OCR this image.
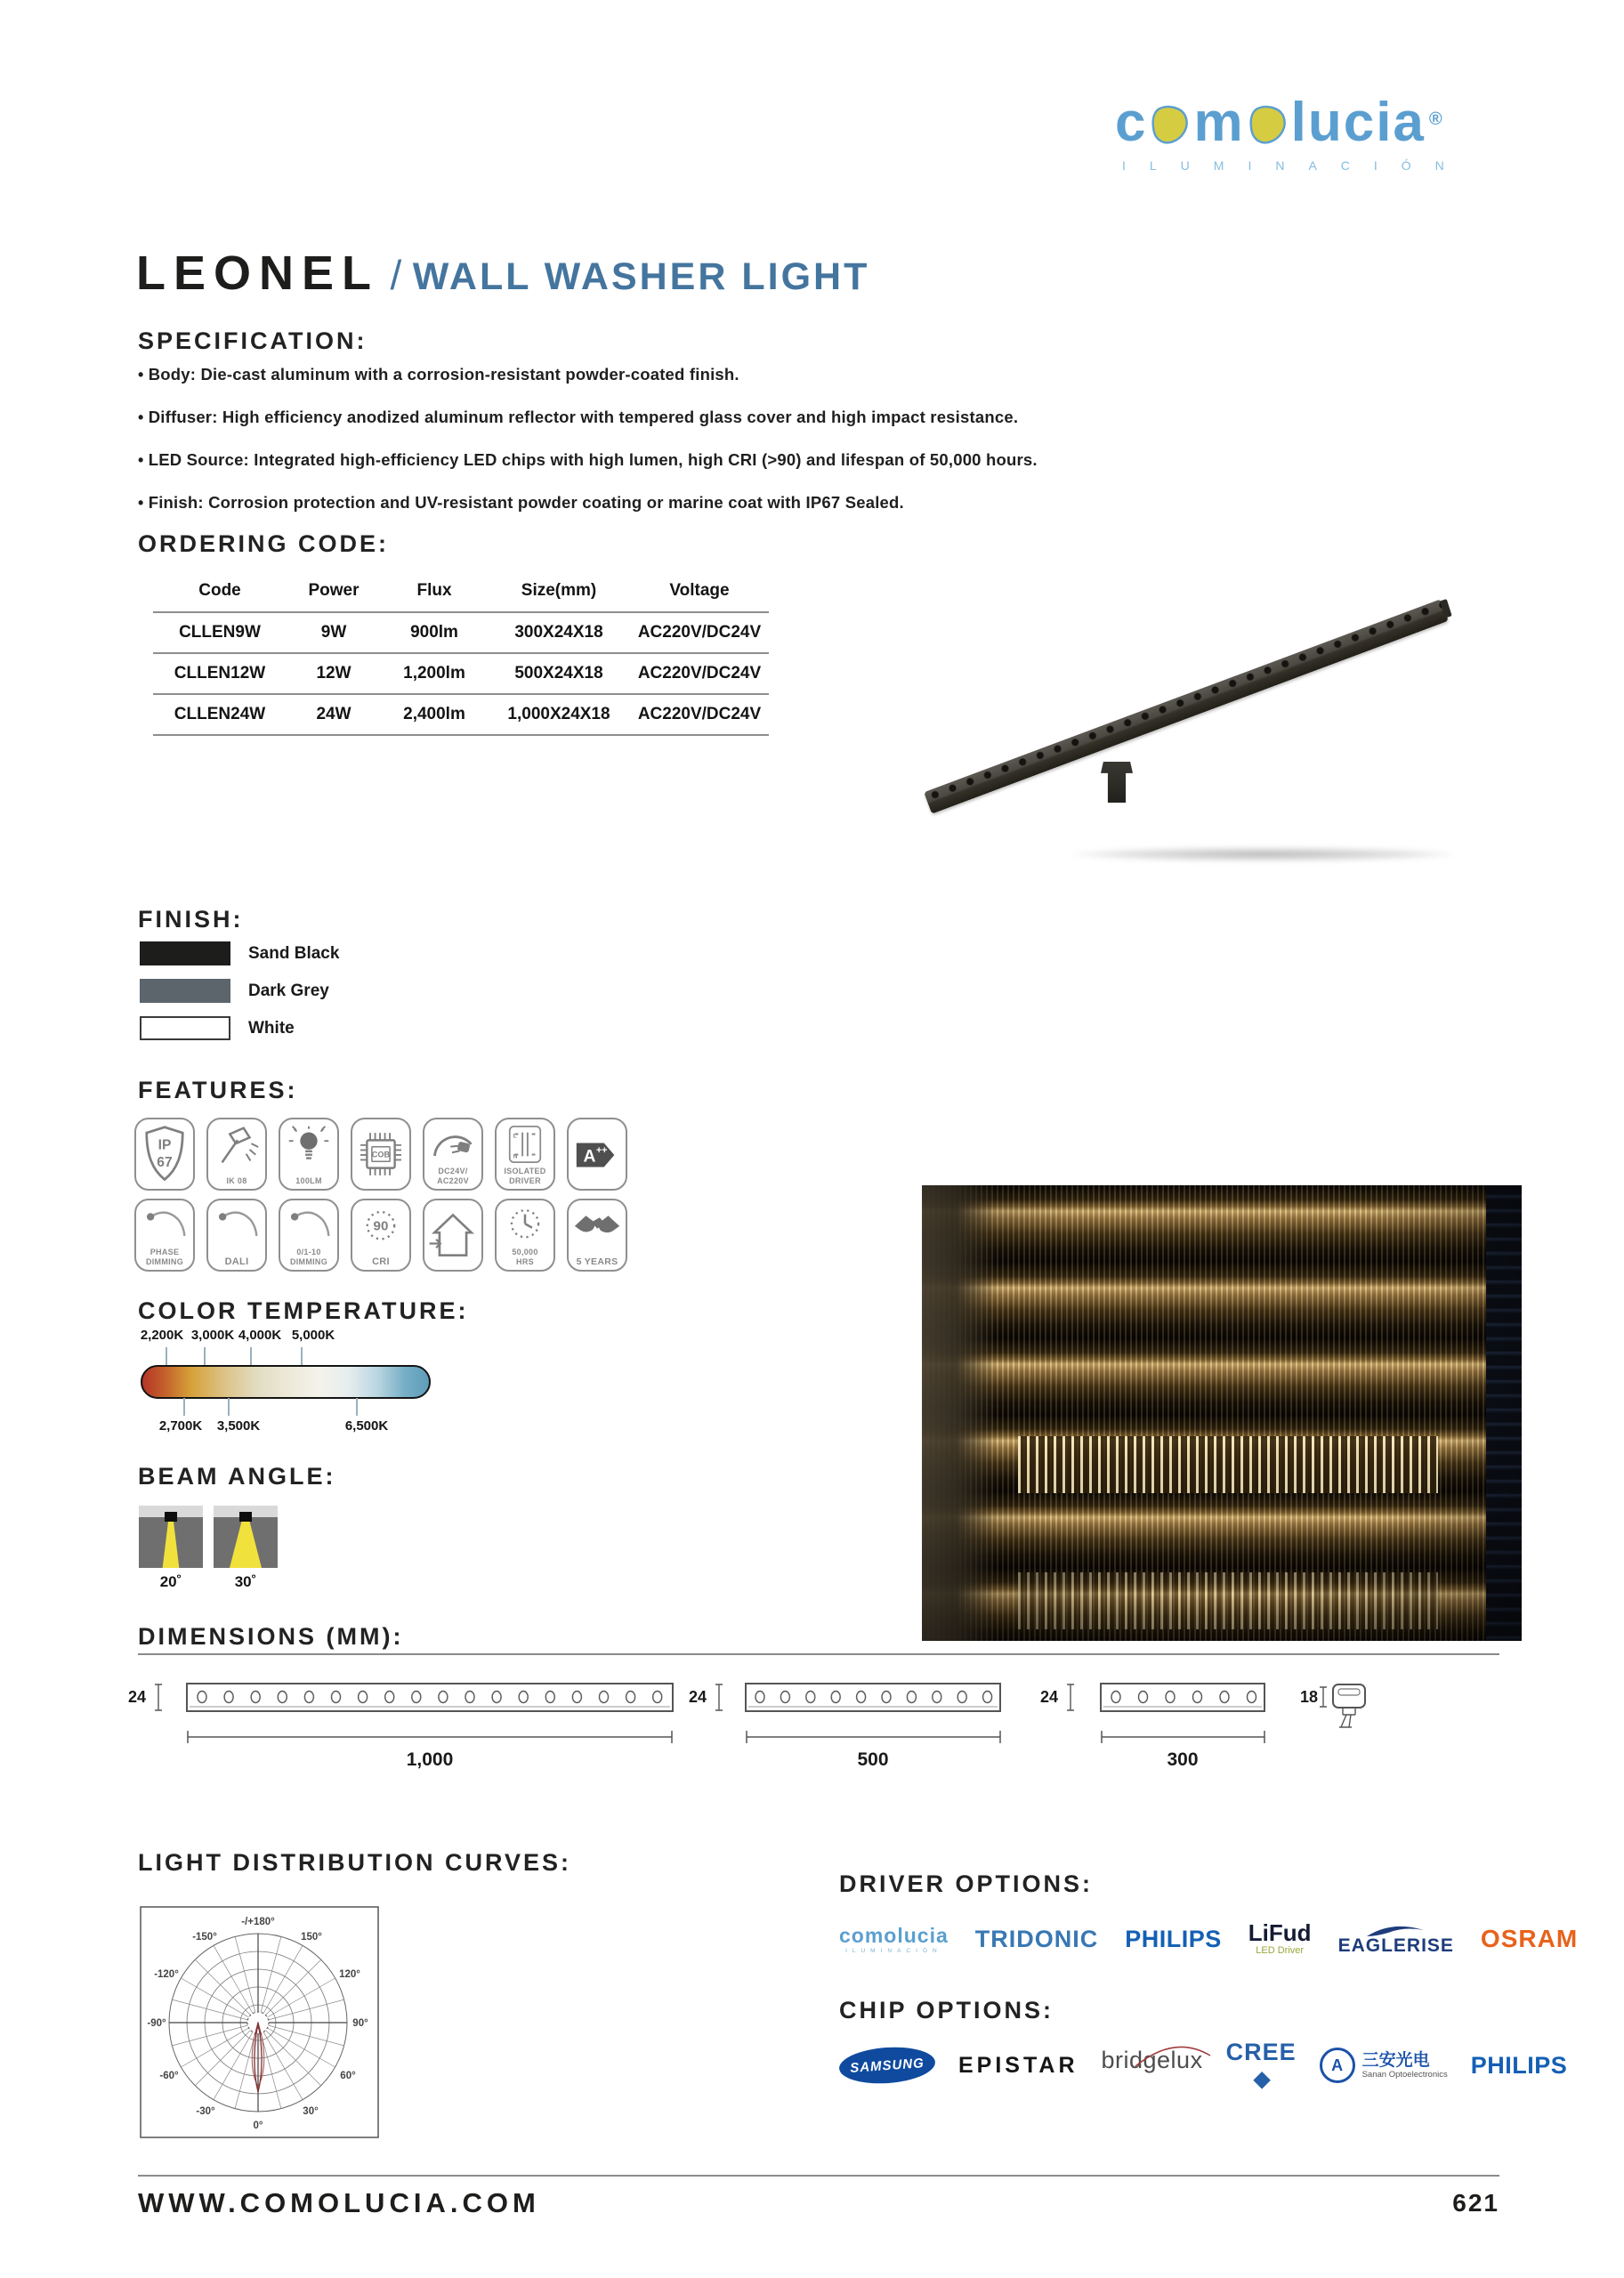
c m lucia ®
ILUMINACIÓN
LEONEL / WALL WASHER LIGHT
SPECIFICATION:
• Body: Die-cast aluminum with a corrosion-resistant powder-coated finish.
• Diffuser: High efficiency anodized aluminum reflector with tempered glass cover and high impact resistance.
• LED Source: Integrated high-efficiency LED chips with high lumen, high CRI (>90) and lifespan of 50,000 hours.
• Finish: Corrosion protection and UV-resistant powder coating or marine coat with IP67 Sealed.
ORDERING CODE:
Code	Power	Flux	Size(mm)	Voltage
CLLEN9W	9W	900lm	300X24X18	AC220V/DC24V
CLLEN12W	12W	1,200lm	500X24X18	AC220V/DC24V
CLLEN24W	24W	2,400lm	1,000X24X18	AC220V/DC24V
FINISH:
Sand Black
Dark Grey
White
FEATURES:
IP
67
IK 08	100LM
COB
DC24V/
AC220V
L
N
ISOLATED
DRIVER
A ++
PHASE
DIMMING	DALI
0/1-10
DIMMING
90
CRI
50,000
HRS	5 YEARS
COLOR TEMPERATURE:
2,200K 3,000K 4,000K 5,000K
2,700K 3,500K	6,500K
BEAM ANGLE:
20˚	30˚
DIMENSIONS (MM):
24
1,000
24
500
24
300
18
LIGHT DISTRIBUTION CURVES:
-/+180°
-150°	150°
-120°	120°
-90°	90°
-60°	60°
-30°	30°
0°
DRIVER OPTIONS:
comolucia
ILUMINACIÓN TRIDONIC PHILIPS LiFud
LED Driver EAGLERISE OSRAM
CHIP OPTIONS:
SAMSUNG EPISTAR bridgelux CREE
◆
A	三安光电
Sanan Optoelectronics PHILIPS
WWW.COMOLUCIA.COM	621
